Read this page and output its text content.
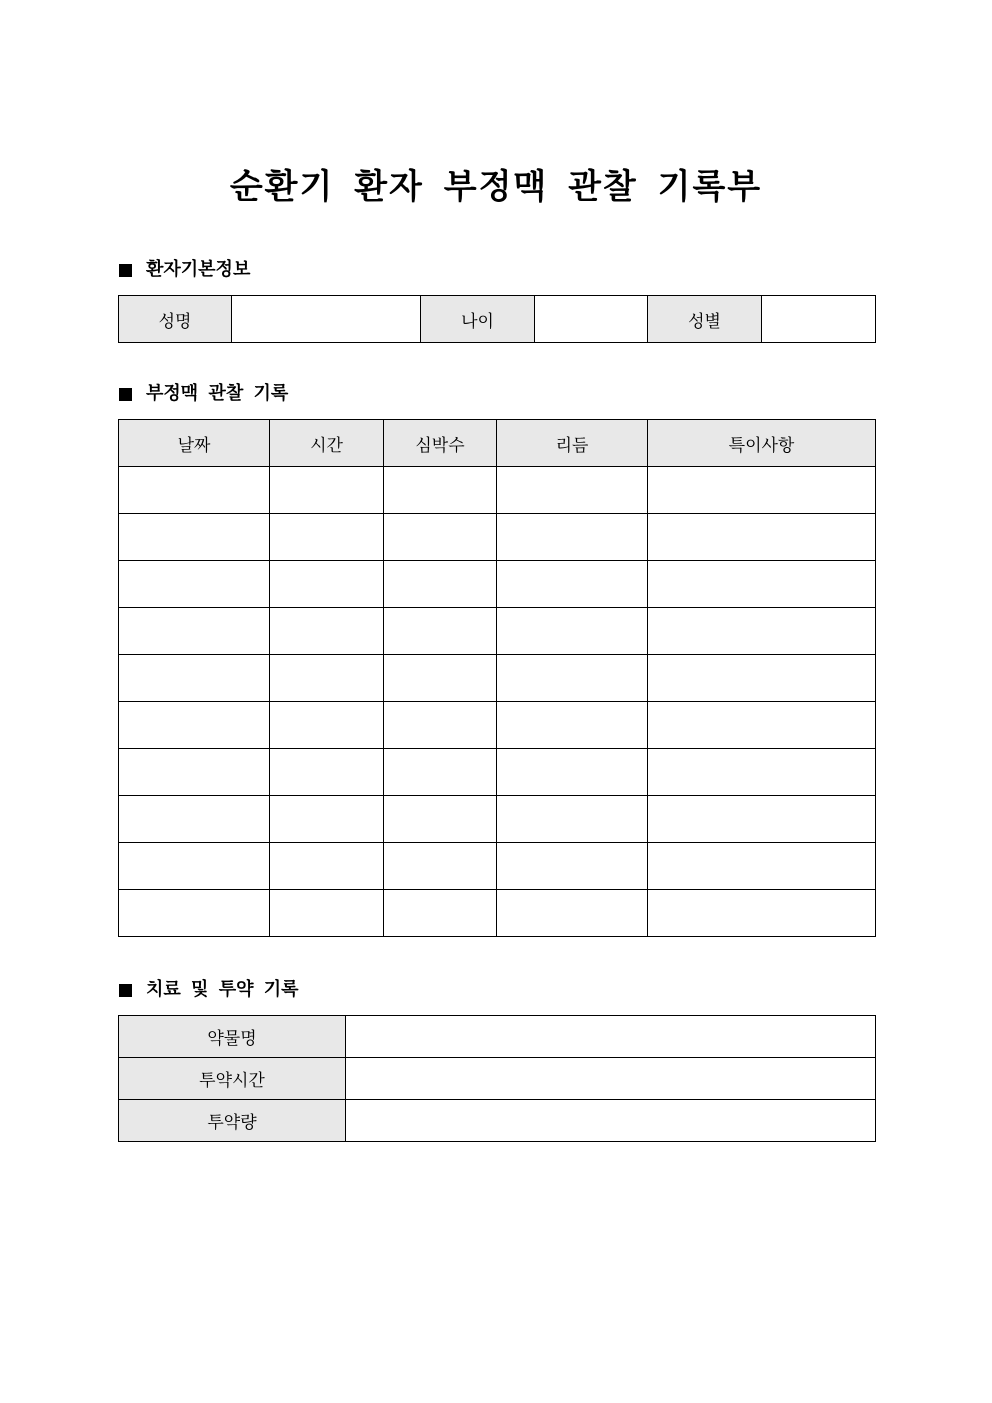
순환기 환자 부정맥 관찰 기록부
환자기본정보
성명		나이		성별	
부정맥 관찰 기록
날짜	시간	심박수	리듬	특이사항

치료 및 투약 기록
약물명	
투약시간	
투약량	
